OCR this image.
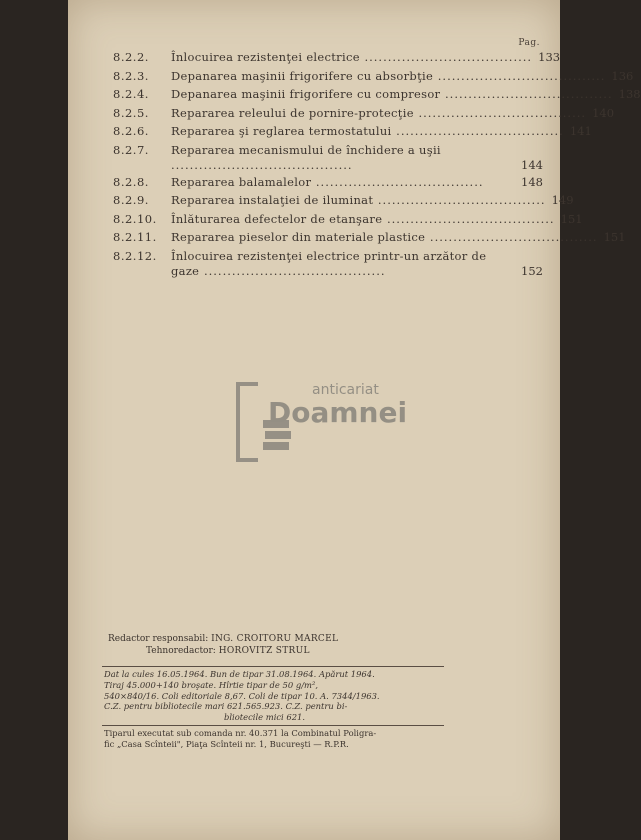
Pag.
8.2.2.	Înlocuirea rezistenţei electrice .................................... 133
8.2.3.	Depanarea maşinii frigorifere cu absorbţie .................................... 136
8.2.4.	Depanarea maşinii frigorifere cu compresor .................................... 138
8.2.5.	Repararea releului de pornire-protecţie .................................... 140
8.2.6.	Repararea şi reglarea termostatului .................................... 141
8.2.7.	Repararea mecanismului de închidere a uşii .......................................	144
8.2.8.	Repararea balamalelor ....................................	148
8.2.9.	Repararea instalaţiei de iluminat .................................... 149
8.2.10.	Înlăturarea defectelor de etanşare .................................... 151
8.2.11.	Repararea pieselor din materiale plastice .................................... 151
8.2.12.	Înlocuirea rezistenţei electrice printr-un arzător de gaze .......................................	152
anticariat
Doamnei
Redactor responsabil: ING. CROITORU MARCEL
Tehnoredactor: HOROVITZ STRUL
Dat la cules 16.05.1964. Bun de tipar 31.08.1964. Apărut 1964.
Tiraj 45.000+140 broşate. Hîrtie tipar de 50 g/m²,
540×840/16. Coli editoriale 8,67. Coli de tipar 10. A. 7344/1963.
C.Z. pentru bibliotecile mari 621.565.923. C.Z. pentru bi-
bliotecile mici 621.
Tiparul executat sub comanda nr. 40.371 la Combinatul Poligra-
fic „Casa Scînteii", Piaţa Scînteii nr. 1, Bucureşti — R.P.R.
